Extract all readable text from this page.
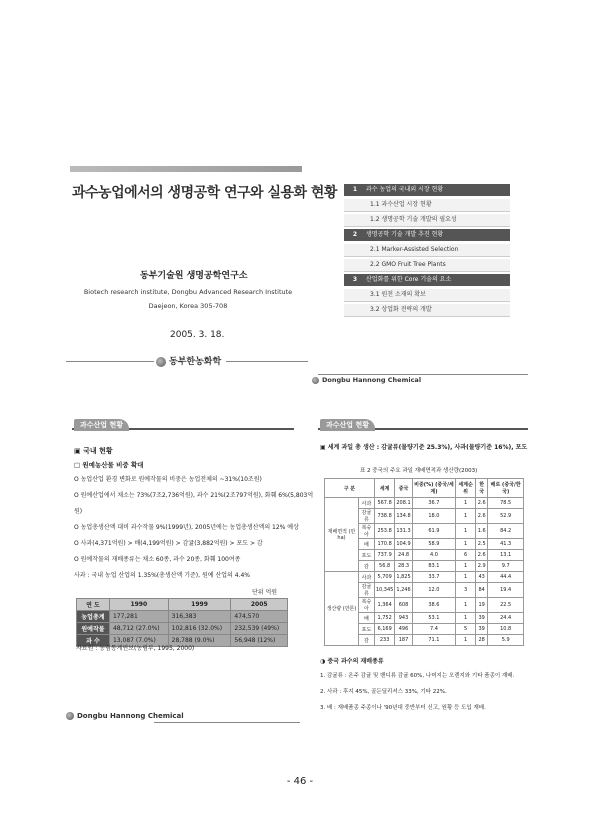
과수농업에서의 생명공학 연구와 실용화 현황
동부기술원 생명공학연구소
Biotech research institute, Dongbu Advanced Research Institute
Daejeon, Korea 305-708
2005. 3. 18.
동부한농화학
1 과수 농업의 국내외 시장 현황
1.1 과수산업 시장 현황
1.2 생명공학 기술 개발의 필요성
2 생명공학 기술 개발 추진 현황
2.1 Marker-Assisted Selection
2.2 GMO Fruit Tree Plants
3 산업화를 위한 Core 기술의 요소
3.1 원천 소재의 확보
3.2 상업화 전략의 개발
Dongbu Hannong Chemical
과수산업 현황
▣ 국내 현황
□ 원예농산물 비중 확대
O 농업산업 환경 변화로 원예작물의 비중은 농업전체의 ~31%(10조원)
O 원예산업에서 채소는 73%(7조2,736억원), 과수 21%(2조797억원), 화훼 6%(5,803억원)
O 농업총생산액 대비 과수작물 9%(1999년), 2005년에는 농업총생산액의 12% 예상
O 사과(4,371억원) > 배(4,199억원) > 감귤(3,882억원) > 포도 > 감
O 원예작물의 재배종류는 채소 60종, 과수 20종, 화훼 100여종
사과 : 국내 농업 산업의 1.35%(총생산액 기준), 원예 산업의 4.4%
단위 억원
연 도	1990	1999	2005
농업총계	177,281	316,383	474,570
원예작물	48,712 (27.0%)	102,816 (32.0%)	232,539 (49%)
과 수	13,087 (7.0%)	28,788 (9.0%)	56,948 (12%)
자료원 : 농림통계연보(농림부, 1995, 2000)
Dongbu Hannong Chemical
과수산업 현황
▣ 세계 과일 총 생산 : 감귤류(물량기준 25.3%), 사과(물량기준 16%), 포도
표 2 중국의 주요 과일 재배면적과 생산량(2003)
구 분		세계	중국	비중(%) (중국/세계)	세계순위	한국	배로 (중국/한국)
재배면적 (만ha)	사과	567.8	208.1	36.7	1	2.6	78.5
	감귤류	738.8	134.8	18.0	1	2.6	52.9
	복숭아	253.8	131.3	61.9	1	1.6	84.2
	배	170.8	104.9	58.9	1	2.5	41.3
	포도	737.9	24.8	4.0	6	2.6	13.1
	감	56.8	28.3	83.1	1	2.9	9.7
생산량 (만톤)	사과	5,709	1,825	33.7	1	43	44.4
	감귤류	10,345	1,246	12.0	3	84	19.4
	복숭아	1,364	608	38.6	1	19	22.5
	배	1,752	943	53.1	1	39	24.4
	포도	6,169	496	7.4	5	39	10.8
	감	233	187	71.1	1	28	5.9
◑ 중국 과수의 재배종류
1. 감귤류 : 온주 감귤 및 밴디류 감귤 60%, 나머지는 오렌지와 기타 품종이 재배.
2. 사과 : 후지 45%, 골든딜리셔스 33%, 기타 22%.
3. 배 : 재배품종 주종이나 '90년대 중반부터 신고, 원황 등 도입 재배.
- 46 -
